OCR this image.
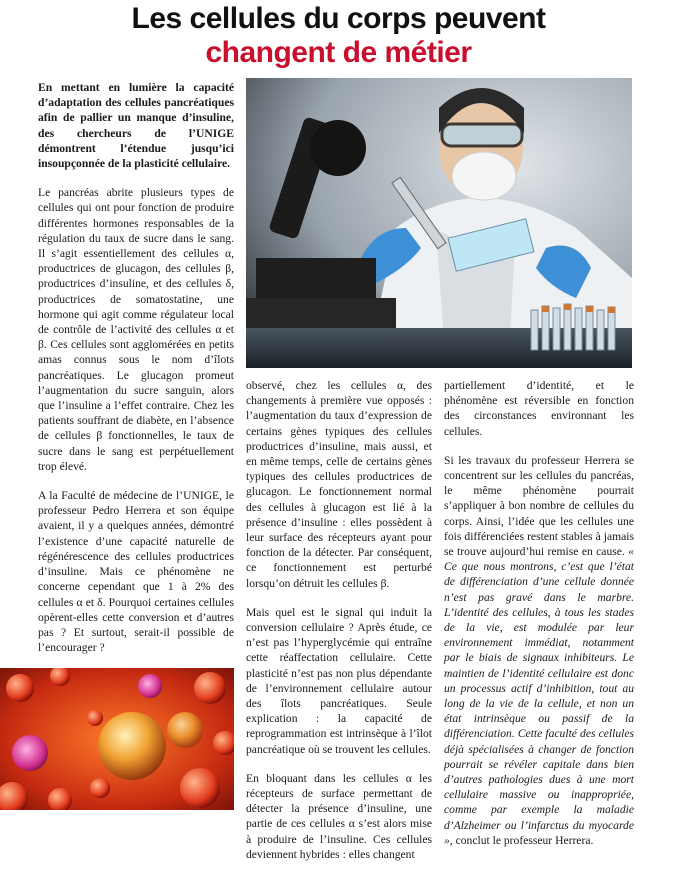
Les cellules du corps peuvent
changent de métier

En mettant en lumière la capacité d’adaptation des cellules pancréatiques afin de pallier un manque d’insuline, des chercheurs de l’UNIGE démontrent l’étendue jusqu’ici insoupçonnée de la plasticité cellulaire.

Le pancréas abrite plusieurs types de cellules qui ont pour fonction de produire différentes hormones responsables de la régulation du taux de sucre dans le sang. Il s’agit essentiellement des cellules α, productrices de glucagon, des cellules β, productrices d’insuline, et des cellules δ, productrices de somatostatine, une hormone qui agit comme régulateur local de contrôle de l’activité des cellules α et β. Ces cellules sont agglomérées en petits amas connus sous le nom d’îlots pancréatiques. Le glucagon promeut l’augmentation du sucre sanguin, alors que l’insuline a l’effet contraire. Chez les patients souffrant de diabète, en l’absence de cellules β fonctionnelles, le taux de sucre dans le sang est perpétuellement trop élevé.

A la Faculté de médecine de l’UNIGE, le professeur Pedro Herrera et son équipe avaient, il y a quelques années, démontré l’existence d’une capacité naturelle de régénérescence des cellules productrices d’insuline. Mais ce phénomène ne concerne cependant que 1 à 2% des cellules α et δ. Pourquoi certaines cellules opèrent-elles cette conversion et d’autres pas ? Et surtout, serait-il possible de l’encourager ?

observé, chez les cellules α, des changements à première vue opposés : l’augmentation du taux d’expression de certains gènes typiques des cellules productrices d’insuline, mais aussi, et en même temps, celle de certains gènes typiques des cellules productrices de glucagon. Le fonctionnement normal des cellules à glucagon est lié à la présence d’insuline : elles possèdent à leur surface des récepteurs ayant pour fonction de la détecter. Par conséquent, ce fonctionnement est perturbé lorsqu’on détruit les cellules β.

Mais quel est le signal qui induit la conversion cellulaire ? Après étude, ce n’est pas l’hyperglycémie qui entraîne cette réaffectation cellulaire. Cette plasticité n’est pas non plus dépendante de l’environnement cellulaire autour des îlots pancréatiques. Seule explication : la capacité de reprogrammation est intrinsèque à l’îlot pancréatique où se trouvent les cellules.

En bloquant dans les cellules α les récepteurs de surface permettant de détecter la présence d’insuline, une partie de ces cellules α s’est alors mise à produire de l’insuline. Ces cellules deviennent hybrides : elles changent

partiellement d’identité, et le phénomène est réversible en fonction des circonstances environnant les cellules.

Si les travaux du professeur Herrera se concentrent sur les cellules du pancréas, le même phénomène pourrait s’appliquer à bon nombre de cellules du corps. Ainsi, l’idée que les cellules une fois différenciées restent stables à jamais se trouve aujourd’hui remise en cause. « Ce que nous montrons, c’est que l’état de différenciation d’une cellule donnée n’est pas gravé dans le marbre. L’identité des cellules, à tous les stades de la vie, est modulée par leur environnement immédiat, notamment par le biais de signaux inhibiteurs. Le maintien de l’identité cellulaire est donc un processus actif d’inhibition, tout au long de la vie de la cellule, et non un état intrinsèque ou passif de la différenciation. Cette faculté des cellules déjà spécialisées à changer de fonction pourrait se révéler capitale dans bien d’autres pathologies dues à une mort cellulaire massive ou inappropriée, comme par exemple la maladie d’Alzheimer ou l’infarctus du myocarde », conclut le professeur Herrera.
